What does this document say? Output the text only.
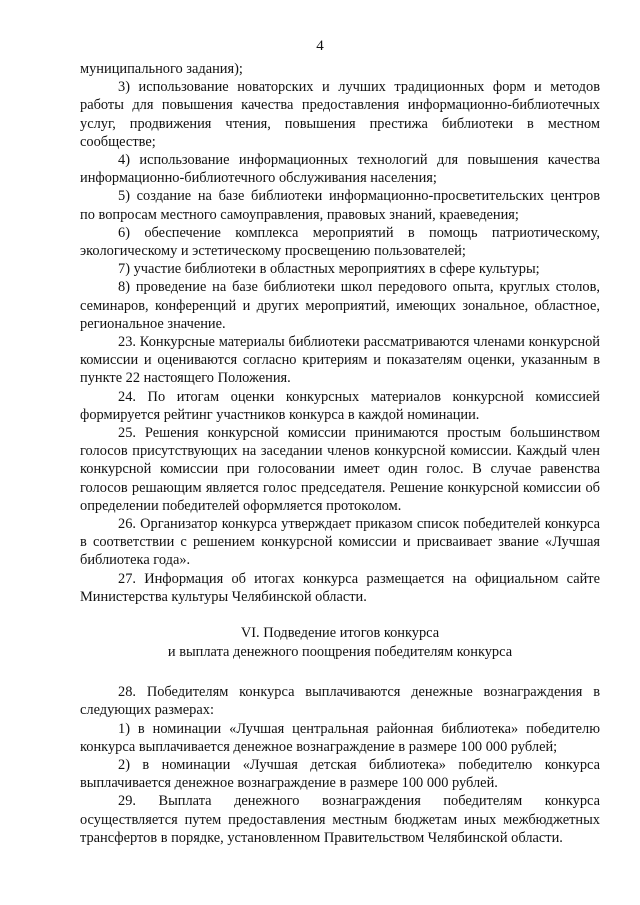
4

муниципального задания);

3) использование новаторских и лучших традиционных форм и методов работы для повышения качества предоставления информационно-библиотечных услуг, продвижения чтения, повышения престижа библиотеки в местном сообществе;

4) использование информационных технологий для повышения качества информационно-библиотечного обслуживания населения;

5) создание на базе библиотеки информационно-просветительских центров по вопросам местного самоуправления, правовых знаний, краеведения;

6) обеспечение комплекса мероприятий в помощь патриотическому, экологическому и эстетическому просвещению пользователей;

7) участие библиотеки в областных мероприятиях в сфере культуры;

8) проведение на базе библиотеки школ передового опыта, круглых столов, семинаров, конференций и других мероприятий, имеющих зональное, областное, региональное значение.

23. Конкурсные материалы библиотеки рассматриваются членами конкурсной комиссии и оцениваются согласно критериям и показателям оценки, указанным в пункте 22 настоящего Положения.

24. По итогам оценки конкурсных материалов конкурсной комиссией формируется рейтинг участников конкурса в каждой номинации.

25. Решения конкурсной комиссии принимаются простым большинством голосов присутствующих на заседании членов конкурсной комиссии. Каждый член конкурсной комиссии при голосовании имеет один голос. В случае равенства голосов решающим является голос председателя. Решение конкурсной комиссии об определении победителей оформляется протоколом.

26. Организатор конкурса утверждает приказом список победителей конкурса в соответствии с решением конкурсной комиссии и присваивает звание «Лучшая библиотека года».

27. Информация об итогах конкурса размещается на официальном сайте Министерства культуры Челябинской области.

VI. Подведение итогов конкурса
и выплата денежного поощрения победителям конкурса

28. Победителям конкурса выплачиваются денежные вознаграждения в следующих размерах:

1) в номинации «Лучшая центральная районная библиотека» победителю конкурса выплачивается денежное вознаграждение в размере 100 000 рублей;

2) в номинации «Лучшая детская библиотека» победителю конкурса выплачивается денежное вознаграждение в размере 100 000 рублей.

29. Выплата денежного вознаграждения победителям конкурса осуществляется путем предоставления местным бюджетам иных межбюджетных трансфертов в порядке, установленном Правительством Челябинской области.
